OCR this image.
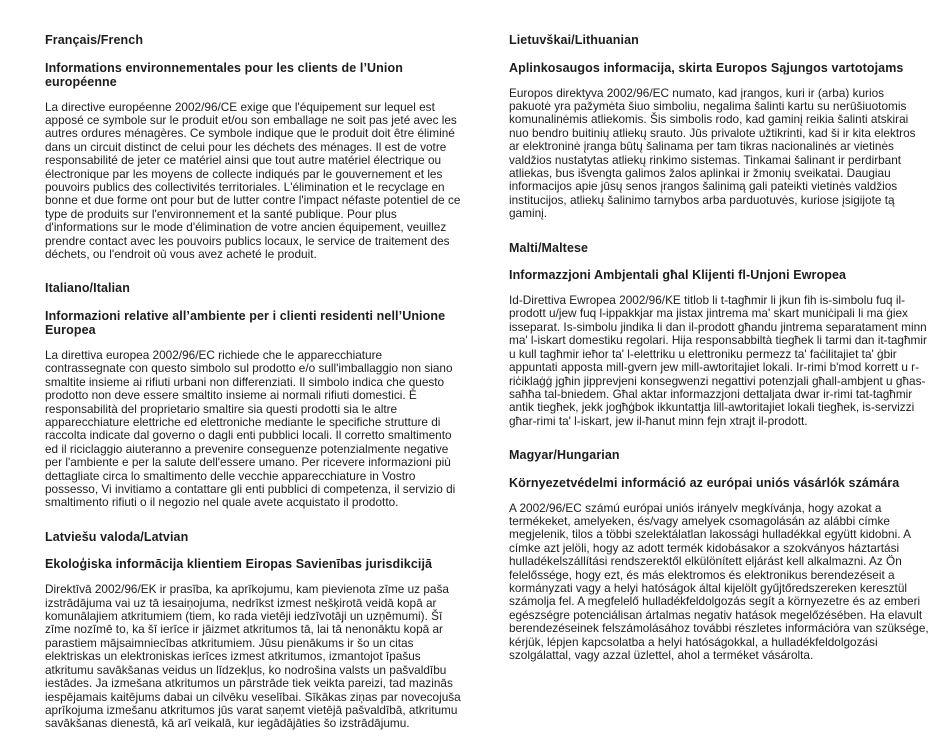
Français/French

Informations environnementales pour les clients de l’Union européenne

La directive européenne 2002/96/CE exige que l'équipement sur lequel est apposé ce symbole sur le produit et/ou son emballage ne soit pas jeté avec les autres ordures ménagères. Ce symbole indique que le produit doit être éliminé dans un circuit distinct de celui pour les déchets des ménages. Il est de votre responsabilité de jeter ce matériel ainsi que tout autre matériel électrique ou électronique par les moyens de collecte indiqués par le gouvernement et les pouvoirs publics des collectivités territoriales. L'élimination et le recyclage en bonne et due forme ont pour but de lutter contre l'impact néfaste potentiel de ce type de produits sur l'environnement et la santé publique. Pour plus d'informations sur le mode d'élimination de votre ancien équipement, veuillez prendre contact avec les pouvoirs publics locaux, le service de traitement des déchets, ou l'endroit où vous avez acheté le produit.

Italiano/Italian

Informazioni relative all’ambiente per i clienti residenti nell’Unione Europea

La direttiva europea 2002/96/EC richiede che le apparecchiature contrassegnate con questo simbolo sul prodotto e/o sull'imballaggio non siano smaltite insieme ai rifiuti urbani non differenziati. Il simbolo indica che questo prodotto non deve essere smaltito insieme ai normali rifiuti domestici. È responsabilità del proprietario smaltire sia questi prodotti sia le altre apparecchiature elettriche ed elettroniche mediante le specifiche strutture di raccolta indicate dal governo o dagli enti pubblici locali. Il corretto smaltimento ed il riciclaggio aiuteranno a prevenire conseguenze potenzialmente negative per l'ambiente e per la salute dell'essere umano. Per ricevere informazioni più dettagliate circa lo smaltimento delle vecchie apparecchiature in Vostro possesso, Vi invitiamo a contattare gli enti pubblici di competenza, il servizio di smaltimento rifiuti o il negozio nel quale avete acquistato il prodotto.

Latviešu valoda/Latvian

Ekoloģiska informācija klientiem Eiropas Savienības jurisdikcijā

Direktīvā 2002/96/EK ir prasība, ka aprīkojumu, kam pievienota zīme uz paša izstrādājuma vai uz tā iesaiņojuma, nedrīkst izmest nešķirotā veidā kopā ar komunālajiem atkritumiem (tiem, ko rada vietēji iedzīvotāji un uzņēmumi). Šī zīme nozīmē to, ka šī ierīce ir jāizmet atkritumos tā, lai tā nenonāktu kopā ar parastiem mājsaimniecības atkritumiem. Jūsu pienākums ir šo un citas elektriskas un elektroniskas ierīces izmest atkritumos, izmantojot īpašus atkritumu savākšanas veidus un līdzekļus, ko nodrošina valsts un pašvaldību iestādes. Ja izmešana atkritumos un pārstrāde tiek veikta pareizi, tad mazinās iespējamais kaitējums dabai un cilvēku veselībai. Sīkākas ziņas par novecojuša aprīkojuma izmešanu atkritumos jūs varat saņemt vietējā pašvaldībā, atkritumu savākšanas dienestā, kā arī veikalā, kur iegādājāties šo izstrādājumu.

Lietuvškai/Lithuanian

Aplinkosaugos informacija, skirta Europos Sąjungos vartotojams

Europos direktyva 2002/96/EC numato, kad įrangos, kuri ir (arba) kurios pakuotė yra pažymėta šiuo simboliu, negalima šalinti kartu su nerūšiuotomis komunalinėmis atliekomis. Šis simbolis rodo, kad gaminį reikia šalinti atskirai nuo bendro buitinių atliekų srauto. Jūs privalote užtikrinti, kad ši ir kita elektros ar elektroninė įranga būtų šalinama per tam tikras nacionalinės ar vietinės valdžios nustatytas atliekų rinkimo sistemas. Tinkamai šalinant ir perdirbant atliekas, bus išvengta galimos žalos aplinkai ir žmonių sveikatai. Daugiau informacijos apie jūsų senos įrangos šalinimą gali pateikti vietinės valdžios institucijos, atliekų šalinimo tarnybos arba parduotuvės, kuriose įsigijote tą gaminį.

Malti/Maltese

Informazzjoni Ambjentali għal Klijenti fl-Unjoni Ewropea

Id-Direttiva Ewropea 2002/96/KE titlob li t-tagħmir li jkun fih is-simbolu fuq il-prodott u/jew fuq l-ippakkjar ma jistax jintrema ma' skart muniċipali li ma ġiex isseparat. Is-simbolu jindika li dan il-prodott għandu jintrema separatament minn ma' l-iskart domestiku regolari. Hija responsabbiltà tiegħek li tarmi dan it-tagħmir u kull tagħmir ieħor ta' l-elettriku u elettroniku permezz ta' faċilitajiet ta' ġbir appuntati apposta mill-gvern jew mill-awtoritajiet lokali. Ir-rimi b'mod korrett u r-riċiklaġġ jgħin jipprevjeni konsegwenzi negattivi potenzjali għall-ambjent u għas-saħħa tal-bniedem. Għal aktar informazzjoni dettaljata dwar ir-rimi tat-tagħmir antik tiegħek, jekk jogħġbok ikkuntattja lill-awtoritajiet lokali tiegħek, is-servizzi għar-rimi ta' l-iskart, jew il-ħanut minn fejn xtrajt il-prodott.

Magyar/Hungarian

Környezetvédelmi információ az európai uniós vásárlók számára

A 2002/96/EC számú európai uniós irányelv megkívánja, hogy azokat a termékeket, amelyeken, és/vagy amelyek csomagolásán az alábbi címke megjelenik, tilos a többi szelektálatlan lakossági hulladékkal együtt kidobni. A címke azt jelöli, hogy az adott termék kidobásakor a szokványos háztartási hulladékelszállítási rendszerektől elkülönített eljárást kell alkalmazni. Az Ön felelőssége, hogy ezt, és más elektromos és elektronikus berendezéseit a kormányzati vagy a helyi hatóságok által kijelölt gyűjtőredszereken keresztül számolja fel. A megfelelő hulladékfeldolgozás segít a környezetre és az emberi egészségre potenciálisan ártalmas negativ hatások megelőzésében. Ha elavult berendezéseinek felszámolásához további részletes információra van szüksége, kérjük, lépjen kapcsolatba a helyi hatóságokkal, a hulladékfeldolgozási szolgálattal, vagy azzal üzlettel, ahol a terméket vásárolta.
